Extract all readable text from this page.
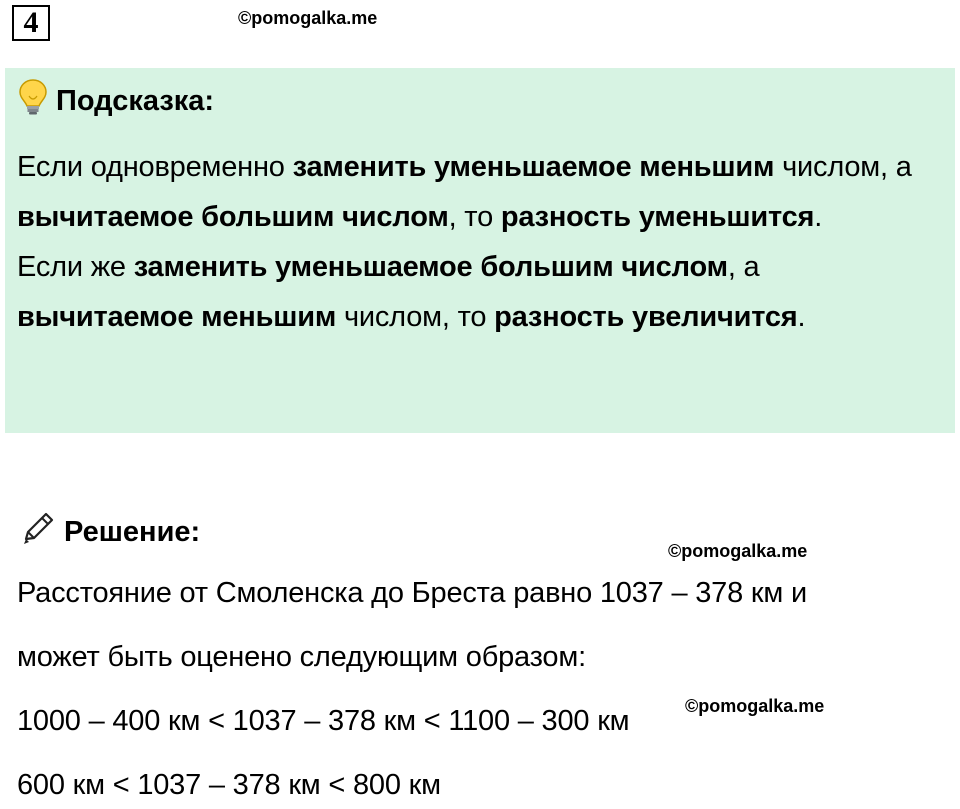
4	©pomogalka.me
Подсказка:

Если одновременно заменить уменьшаемое меньшим числом, а вычитаемое большим числом, то разность уменьшится.

Если же заменить уменьшаемое большим числом, а вычитаемое меньшим числом, то разность увеличится.

Решение:
©pomogalka.me
Расстояние от Смоленска до Бреста равно 1037 – 378 км и
может быть оценено следующим образом:
1000 – 400 км < 1037 – 378 км < 1100 – 300 км	©pomogalka.me
600 км < 1037 – 378 км < 800 км
